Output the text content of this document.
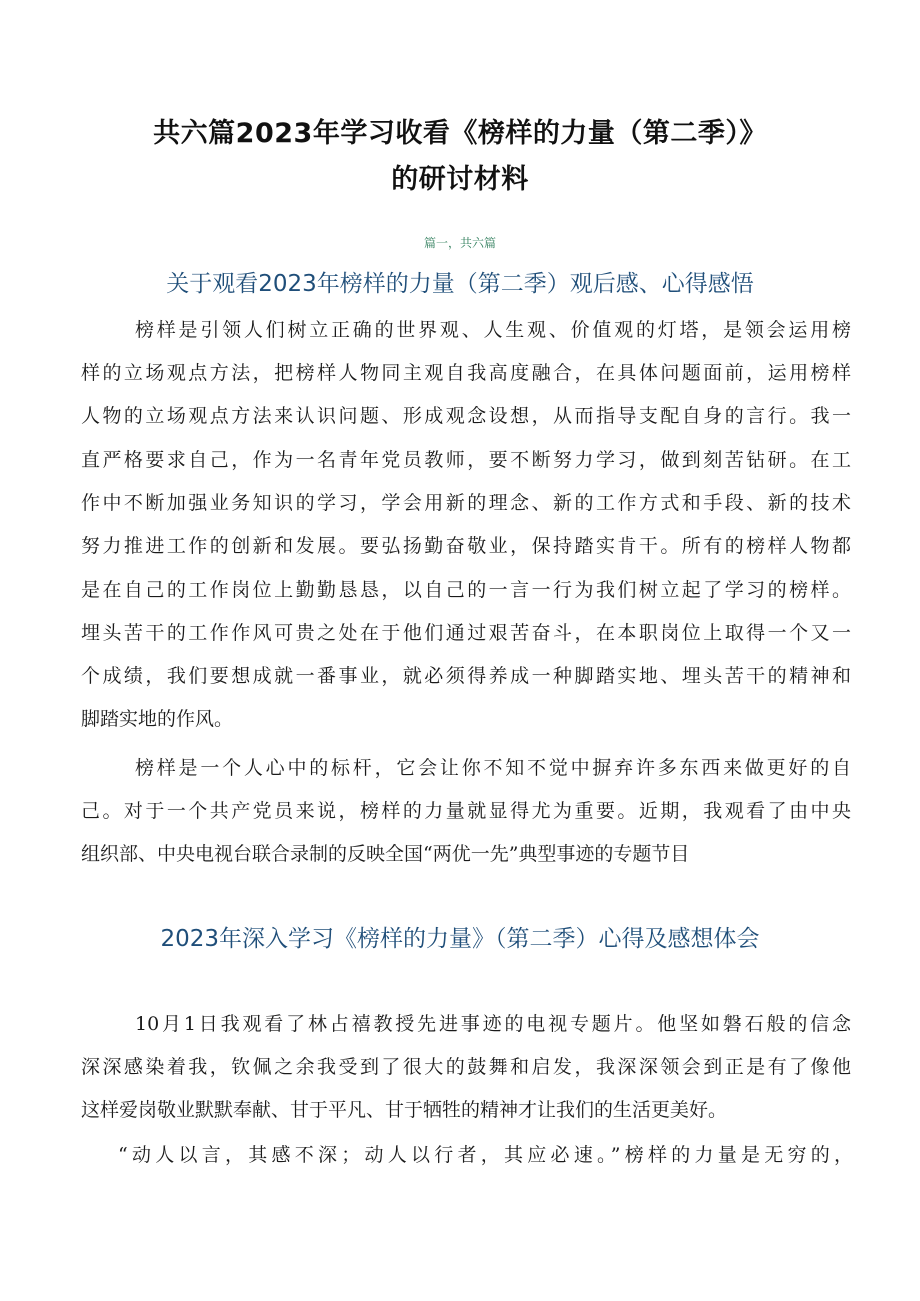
共六篇2023年学习收看《榜样的力量（第二季）》
的研讨材料
篇一，共六篇
关于观看2023年榜样的力量（第二季）观后感、心得感悟
榜样是引领人们树立正确的世界观、人生观、价值观的灯塔，是领会运用榜
样的立场观点方法，把榜样人物同主观自我高度融合，在具体问题面前，运用榜样
人物的立场观点方法来认识问题、形成观念设想，从而指导支配自身的言行。我一
直严格要求自己，作为一名青年党员教师，要不断努力学习，做到刻苦钻研。在工
作中不断加强业务知识的学习，学会用新的理念、新的工作方式和手段、新的技术
努力推进工作的创新和发展。要弘扬勤奋敬业，保持踏实肯干。所有的榜样人物都
是在自己的工作岗位上勤勤恳恳，以自己的一言一行为我们树立起了学习的榜样。
埋头苦干的工作作风可贵之处在于他们通过艰苦奋斗，在本职岗位上取得一个又一
个成绩，我们要想成就一番事业，就必须得养成一种脚踏实地、埋头苦干的精神和
脚踏实地的作风。
榜样是一个人心中的标杆，它会让你不知不觉中摒弃许多东西来做更好的自
己。对于一个共产党员来说，榜样的力量就显得尤为重要。近期，我观看了由中央
组织部、中央电视台联合录制的反映全国“两优一先”典型事迹的专题节目
2023年深入学习《榜样的力量》（第二季）心得及感想体会
10月1日我观看了林占禧教授先进事迹的电视专题片。他坚如磐石般的信念
深深感染着我，钦佩之余我受到了很大的鼓舞和启发，我深深领会到正是有了像他
这样爱岗敬业默默奉献、甘于平凡、甘于牺牲的精神才让我们的生活更美好。
“动人以言，其感不深；动人以行者，其应必速。”榜样的力量是无穷的，
